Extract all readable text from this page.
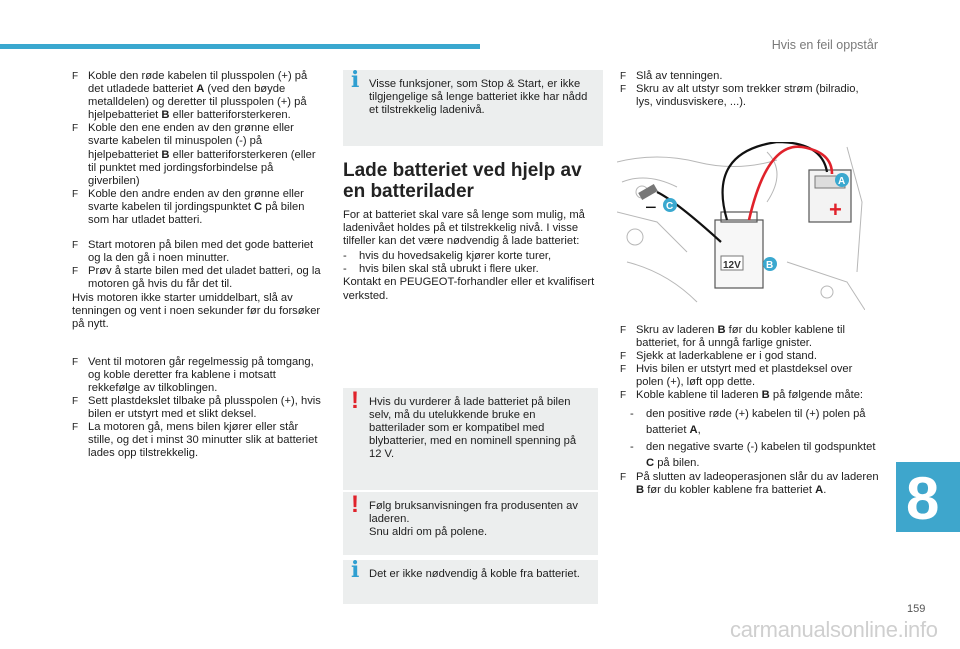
Hvis en feil oppstår

F Koble den røde kabelen til plusspolen (+) på det utladede batteriet A (ved den bøyde metalldelen) og deretter til plusspolen (+) på hjelpebatteriet B eller batteriforsterkeren.

F Koble den ene enden av den grønne eller svarte kabelen til minuspolen (-) på hjelpebatteriet B eller batteriforsterkeren (eller til punktet med jordingsforbindelse på giverbilen)

F Koble den andre enden av den grønne eller svarte kabelen til jordingspunktet C på bilen som har utladet batteri.

F Start motoren på bilen med det gode batteriet og la den gå i noen minutter.

F Prøv å starte bilen med det uladet batteri, og la motoren gå hvis du får det til.

Hvis motoren ikke starter umiddelbart, slå av tenningen og vent i noen sekunder før du forsøker på nytt.

F Vent til motoren går regelmessig på tomgang, og koble deretter fra kablene i motsatt rekkefølge av tilkoblingen.

F Sett plastdekslet tilbake på plusspolen (+), hvis bilen er utstyrt med et slikt deksel.

F La motoren gå, mens bilen kjører eller står stille, og det i minst 30 minutter slik at batteriet lades opp tilstrekkelig.

i Visse funksjoner, som Stop & Start, er ikke tilgjengelige så lenge batteriet ikke har nådd et tilstrekkelig ladenivå.

Lade batteriet ved hjelp av en batterilader

For at batteriet skal vare så lenge som mulig, må ladenivået holdes på et tilstrekkelig nivå. I visse tilfeller kan det være nødvendig å lade batteriet:

- hvis du hovedsakelig kjører korte turer,

- hvis bilen skal stå ubrukt i flere uker.

Kontakt en PEUGEOT-forhandler eller et kvalifisert verksted.

! Hvis du vurderer å lade batteriet på bilen selv, må du utelukkende bruke en batterilader som er kompatibel med blybatterier, med en nominell spenning på 12 V.

! Følg bruksanvisningen fra produsenten av laderen.

Snu aldri om på polene.

i Det er ikke nødvendig å koble fra batteriet.

F Slå av tenningen.

F Skru av alt utstyr som trekker strøm (bilradio, lys, vindusviskere, ...).

+
12V
−
A
C
B

F Skru av laderen B før du kobler kablene til batteriet, for å unngå farlige gnister.

F Sjekk at laderkablene er i god stand.

F Hvis bilen er utstyrt med et plastdeksel over polen (+), løft opp dette.

F Koble kablene til laderen B på følgende måte:

- den positive røde (+) kabelen til (+) polen på batteriet A,

- den negative svarte (-) kabelen til godspunktet C på bilen.

F På slutten av ladeoperasjonen slår du av laderen B før du kobler kablene fra batteriet A.	8
159
carmanualsonline.info
